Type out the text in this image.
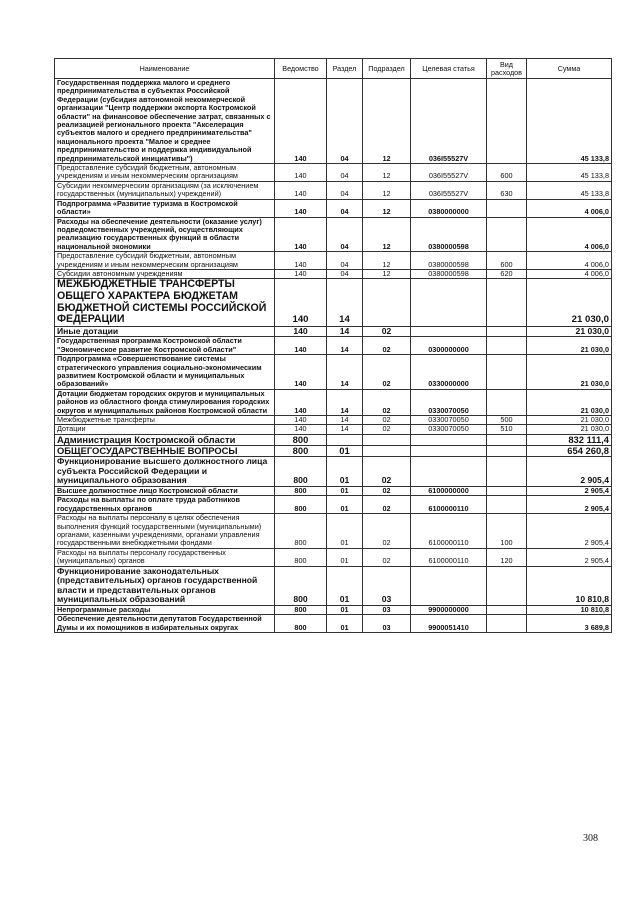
Наименование	Ведомство	Раздел	Подраздел	Целевая статья	Вид расходов	Сумма
Государственная поддержка малого и среднего предпринимательства в субъектах Российской Федерации (субсидия автономной некоммерческой организации "Центр поддержки экспорта Костромской области" на финансовое обеспечение затрат, связанных с реализацией регионального проекта "Акселерация субъектов малого и среднего предпринимательства" национального проекта "Малое и среднее предпринимательство и поддержка индивидуальной предпринимательской инициативы")	140	04	12	036I55527V		45 133,8
Предоставление субсидий бюджетным, автономным учреждениям и иным некоммерческим организациям	140	04	12	036I55527V	600	45 133,8
Субсидии некоммерческим организациям (за исключением государственных (муниципальных) учреждений)	140	04	12	036I55527V	630	45 133,8
Подпрограмма «Развитие туризма в Костромской области»	140	04	12	0380000000		4 006,0
Расходы на обеспечение деятельности (оказание услуг) подведомственных учреждений, осуществляющих реализацию государственных функций в области национальной экономики	140	04	12	0380000598		4 006,0
Предоставление субсидий бюджетным, автономным учреждениям и иным некоммерческим организациям	140	04	12	0380000598	600	4 006,0
Субсидии автономным учреждениям	140	04	12	0380000598	620	4 006,0
МЕЖБЮДЖЕТНЫЕ ТРАНСФЕРТЫ ОБЩЕГО ХАРАКТЕРА БЮДЖЕТАМ БЮДЖЕТНОЙ СИСТЕМЫ РОССИЙСКОЙ ФЕДЕРАЦИИ	140	14				21 030,0
Иные дотации	140	14	02			21 030,0
Государственная программа Костромской области "Экономическое развитие Костромской области"	140	14	02	0300000000		21 030,0
Подпрограмма «Совершенствование системы стратегического управления социально-экономическим развитием Костромской области и муниципальных образований»	140	14	02	0330000000		21 030,0
Дотации бюджетам городских округов и муниципальных районов из областного фонда стимулирования городских округов и муниципальных районов Костромской области	140	14	02	0330070050		21 030,0
Межбюджетные трансферты	140	14	02	0330070050	500	21 030,0
Дотации	140	14	02	0330070050	510	21 030,0
Администрация Костромской области	800					832 111,4
ОБЩЕГОСУДАРСТВЕННЫЕ ВОПРОСЫ	800	01				654 260,8
Функционирование высшего должностного лица субъекта Российской Федерации и муниципального образования	800	01	02			2 905,4
Высшее должностное лицо Костромской области	800	01	02	6100000000		2 905,4
Расходы на выплаты по оплате труда работников государственных органов	800	01	02	6100000110		2 905,4
Расходы на выплаты персоналу в целях обеспечения выполнения функций государственными (муниципальными) органами, казенными учреждениями, органами управления государственными внебюджетными фондами	800	01	02	6100000110	100	2 905,4
Расходы на выплаты персоналу государственных (муниципальных) органов	800	01	02	6100000110	120	2 905,4
Функционирование законодательных (представительных) органов государственной власти и представительных органов муниципальных образований	800	01	03			10 810,8
Непрограммные расходы	800	01	03	9900000000		10 810,8
Обеспечение деятельности депутатов Государственной Думы и их помощников в избирательных округах	800	01	03	9900051410		3 689,8
308
